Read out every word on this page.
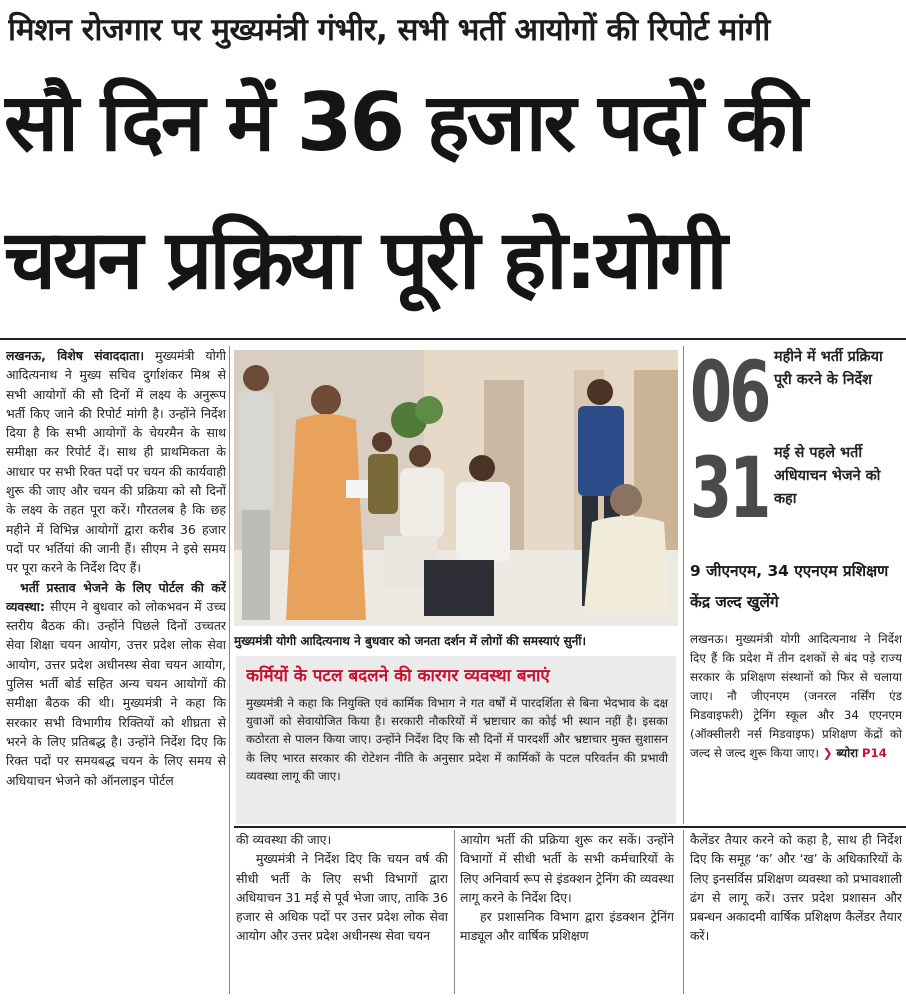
मिशन रोजगार पर मुख्यमंत्री गंभीर, सभी भर्ती आयोगों की रिपोर्ट मांगी
सौ दिन में 36 हजार पदों की
चयन प्रक्रिया पूरी हो:योगी

लखनऊ, विशेष संवाददाता। मुख्यमंत्री योगी आदित्यनाथ ने मुख्य सचिव दुर्गाशंकर मिश्र से सभी आयोगों की सौ दिनों में लक्ष्य के अनुरूप भर्ती किए जाने की रिपोर्ट मांगी है। उन्होंने निर्देश दिया है कि सभी आयोगों के चेयरमैन के साथ समीक्षा कर रिपोर्ट दें। साथ ही प्राथमिकता के आधार पर सभी रिक्त पदों पर चयन की कार्यवाही शुरू की जाए और चयन की प्रक्रिया को सौ दिनों के लक्ष्य के तहत पूरा करें। गौरतलब है कि छह महीने में विभिन्न आयोगों द्वारा करीब 36 हजार पदों पर भर्तियां की जानी हैं। सीएम ने इसे समय पर पूरा करने के निर्देश दिए हैं।

भर्ती प्रस्ताव भेजने के लिए पोर्टल की करें व्यवस्था: सीएम ने बुधवार को लोकभवन में उच्च स्तरीय बैठक की। उन्होंने पिछले दिनों उच्चतर सेवा शिक्षा चयन आयोग, उत्तर प्रदेश लोक सेवा आयोग, उत्तर प्रदेश अधीनस्थ सेवा चयन आयोग, पुलिस भर्ती बोर्ड सहित अन्य चयन आयोगों की समीक्षा बैठक की थी। मुख्यमंत्री ने कहा कि सरकार सभी विभागीय रिक्तियों को शीघ्रता से भरने के लिए प्रतिबद्ध है। उन्होंने निर्देश दिए कि रिक्त पदों पर समयबद्ध चयन के लिए समय से अधियाचन भेजने को ऑनलाइन पोर्टल

मुख्यमंत्री योगी आदित्यनाथ ने बुधवार को जनता दर्शन में लोगों की समस्याएं सुनीं।
कर्मियों के पटल बदलने की कारगर व्यवस्था बनाएं
मुख्यमंत्री ने कहा कि नियुक्ति एवं कार्मिक विभाग ने गत वर्षों में पारदर्शिता से बिना भेदभाव के दक्ष युवाओं को सेवायोजित किया है। सरकारी नौकरियों में भ्रष्टाचार का कोई भी स्थान नहीं है। इसका कठोरता से पालन किया जाए। उन्होंने निर्देश दिए कि सौ दिनों में पारदर्शी और भ्रष्टाचार मुक्त सुशासन के लिए भारत सरकार की रोटेशन नीति के अनुसार प्रदेश में कार्मिकों के पटल परिवर्तन की प्रभावी व्यवस्था लागू की जाए।
06 महीने में भर्ती प्रक्रिया पूरी करने के निर्देश
31 मई से पहले भर्ती अधियाचन भेजने को कहा
9 जीएनएम, 34 एएनएम प्रशिक्षण केंद्र जल्द खुलेंगे

लखनऊ। मुख्यमंत्री योगी आदित्यनाथ ने निर्देश दिए हैं कि प्रदेश में तीन दशकों से बंद पड़े राज्य सरकार के प्रशिक्षण संस्थानों को फिर से चलाया जाए। नौ जीएनएम (जनरल नर्सिंग एंड मिडवाइफरी) ट्रेनिंग स्कूल और 34 एएनएम (ऑक्सीलरी नर्स मिडवाइफ) प्रशिक्षण केंद्रों को जल्द से जल्द शुरू किया जाए। ❯ ब्योरा P14

की व्यवस्था की जाए।

मुख्यमंत्री ने निर्देश दिए कि चयन वर्ष की सीधी भर्ती के लिए सभी विभागों द्वारा अधियाचन 31 मई से पूर्व भेजा जाए, ताकि 36 हजार से अधिक पदों पर उत्तर प्रदेश लोक सेवा आयोग और उत्तर प्रदेश अधीनस्थ सेवा चयन

आयोग भर्ती की प्रक्रिया शुरू कर सकें। उन्होंने विभागों में सीधी भर्ती के सभी कर्मचारियों के लिए अनिवार्य रूप से इंडक्शन ट्रेनिंग की व्यवस्था लागू करने के निर्देश दिए।

हर प्रशासनिक विभाग द्वारा इंडक्शन ट्रेनिंग माड्यूल और वार्षिक प्रशिक्षण

कैलेंडर तैयार करने को कहा है, साथ ही निर्देश दिए कि समूह ‘क’ और ‘ख’ के अधिकारियों के लिए इनसर्विस प्रशिक्षण व्यवस्था को प्रभावशाली ढंग से लागू करें। उत्तर प्रदेश प्रशासन और प्रबन्धन अकादमी वार्षिक प्रशिक्षण कैलेंडर तैयार करें।
